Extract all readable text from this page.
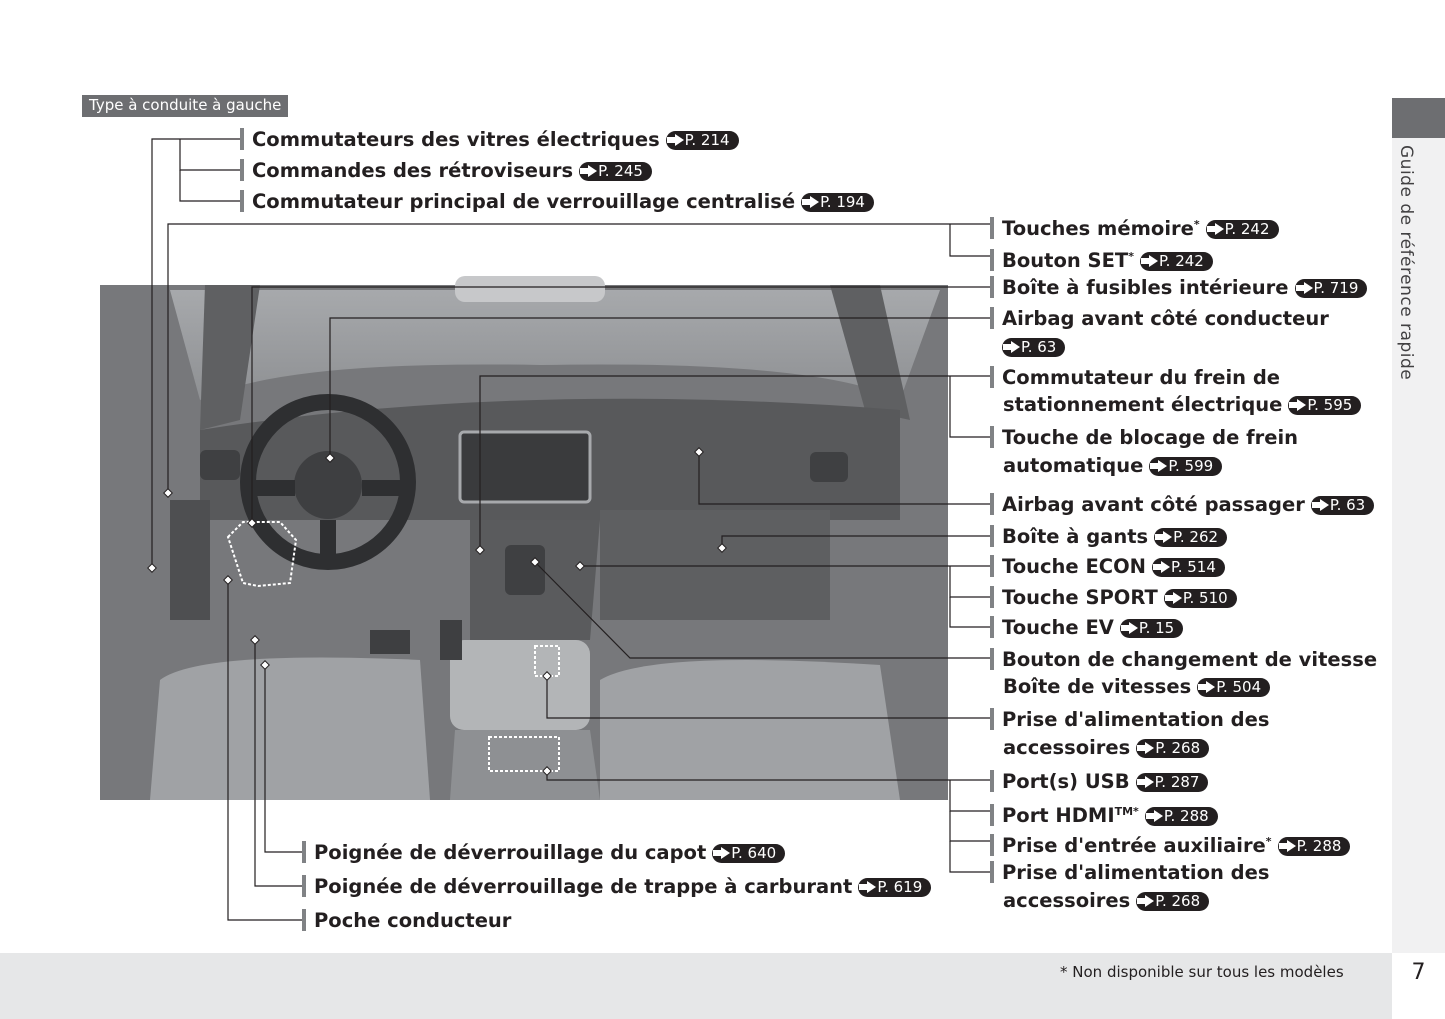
Type à conduite à gauche
Commutateurs des vitres électriques P. 214
Commandes des rétroviseurs P. 245
Commutateur principal de verrouillage centralisé P. 194
Touches mémoire* P. 242
Bouton SET* P. 242
Boîte à fusibles intérieure P. 719
Airbag avant côté conducteur
P. 63
Commutateur du frein de
stationnement électrique P. 595
Touche de blocage de frein
automatique P. 599
Airbag avant côté passager P. 63
Boîte à gants P. 262
Touche ECON P. 514
Touche SPORT P. 510
Touche EV P. 15
Bouton de changement de vitesse
Boîte de vitesses P. 504
Prise d'alimentation des
accessoires P. 268
Port(s) USB P. 287
Port $HDMI^{TM*}$ P. 288
Prise d'entrée auxiliaire* P. 288
Prise d'alimentation des
accessoires P. 268
Poignée de déverrouillage du capot P. 640
Poignée de déverrouillage de trappe à carburant P. 619
Poche conducteur
Guide de référence rapide
* Non disponible sur tous les modèles	7
